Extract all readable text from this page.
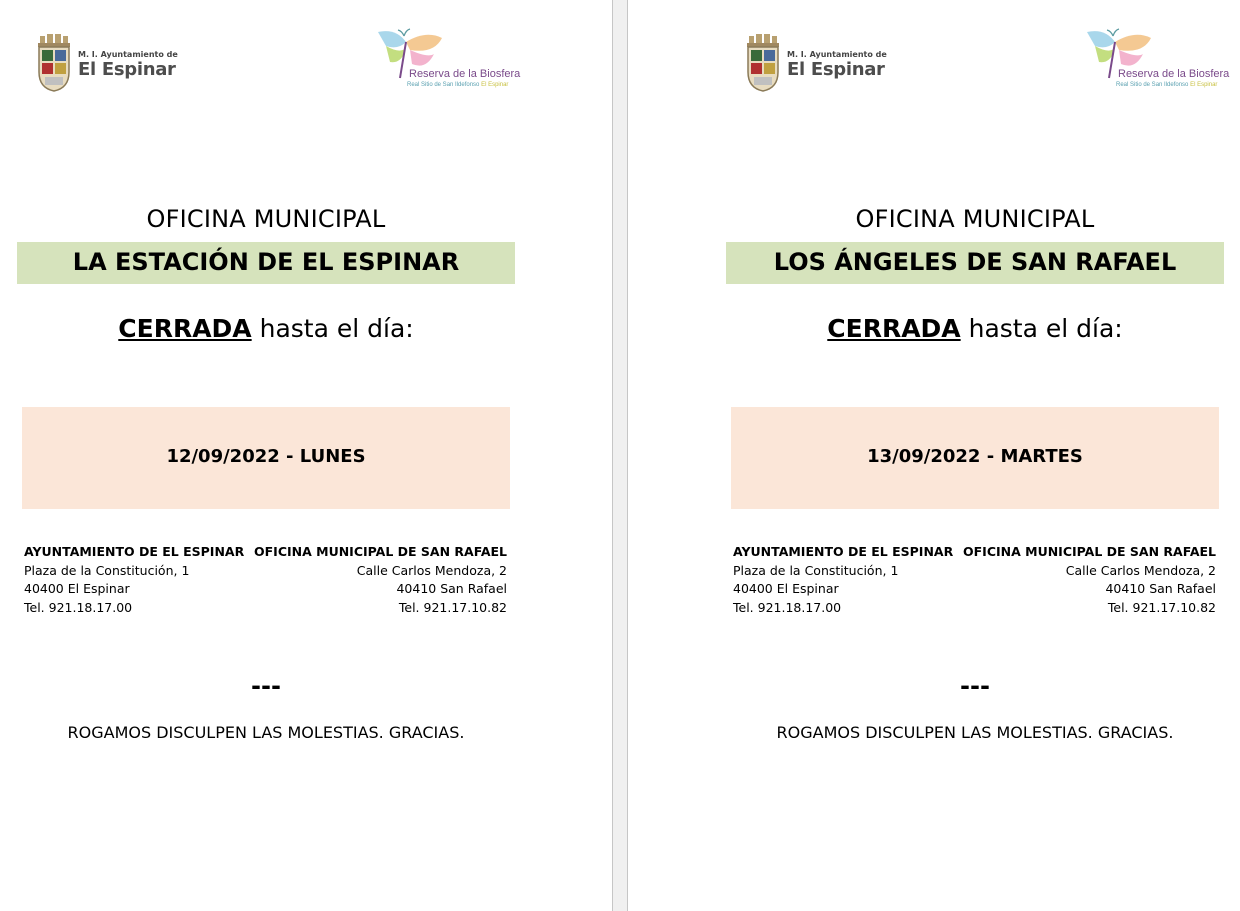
M. I. Ayuntamiento de
El Espinar	Reserva de la Biosfera
Real Sitio de San Ildefonso El Espinar
OFICINA MUNICIPAL
LA ESTACIÓN DE EL ESPINAR
CERRADA hasta el día:
12/09/2022 - LUNES
AYUNTAMIENTO DE EL ESPINAR
Plaza de la Constitución, 1
40400 El Espinar
Tel. 921.18.17.00
OFICINA MUNICIPAL DE SAN RAFAEL
Calle Carlos Mendoza, 2
40410 San Rafael
Tel. 921.17.10.82
---
ROGAMOS DISCULPEN LAS MOLESTIAS. GRACIAS.
M. I. Ayuntamiento de
El Espinar	Reserva de la Biosfera
Real Sitio de San Ildefonso El Espinar
OFICINA MUNICIPAL
LOS ÁNGELES DE SAN RAFAEL
CERRADA hasta el día:
13/09/2022 - MARTES
AYUNTAMIENTO DE EL ESPINAR
Plaza de la Constitución, 1
40400 El Espinar
Tel. 921.18.17.00
OFICINA MUNICIPAL DE SAN RAFAEL
Calle Carlos Mendoza, 2
40410 San Rafael
Tel. 921.17.10.82
---
ROGAMOS DISCULPEN LAS MOLESTIAS. GRACIAS.
